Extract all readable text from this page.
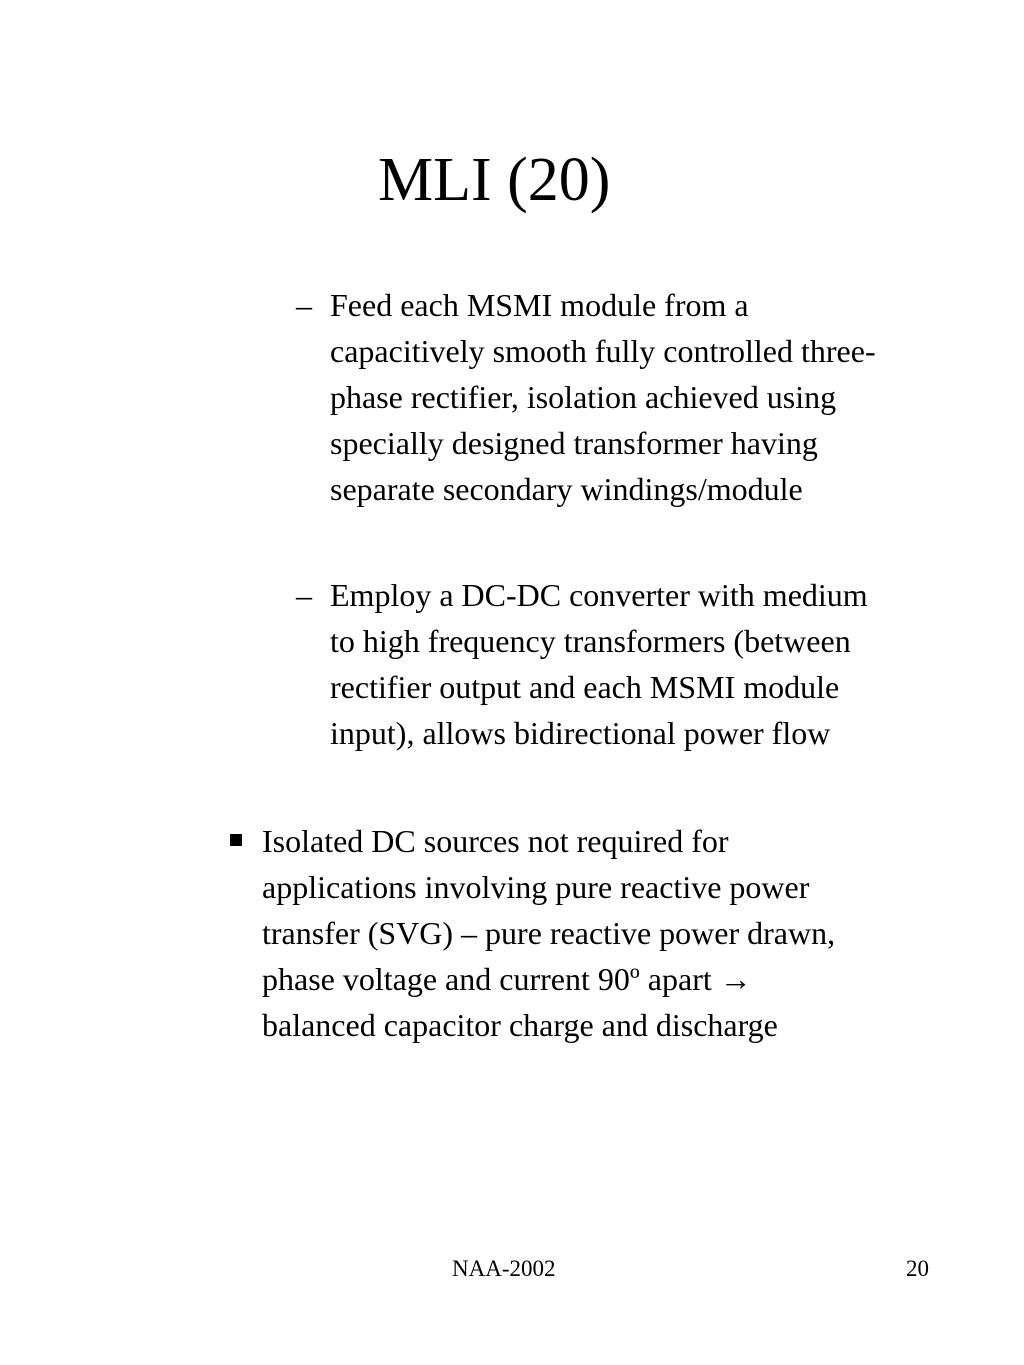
MLI (20)
– Feed each MSMI module from a
capacitively smooth fully controlled three-
phase rectifier, isolation achieved using
specially designed transformer having
separate secondary windings/module
– Employ a DC-DC converter with medium
to high frequency transformers (between
rectifier output and each MSMI module
input), allows bidirectional power flow
Isolated DC sources not required for
applications involving pure reactive power
transfer (SVG) – pure reactive power drawn,
phase voltage and current 90º apart →
balanced capacitor charge and discharge
NAA-2002	20
